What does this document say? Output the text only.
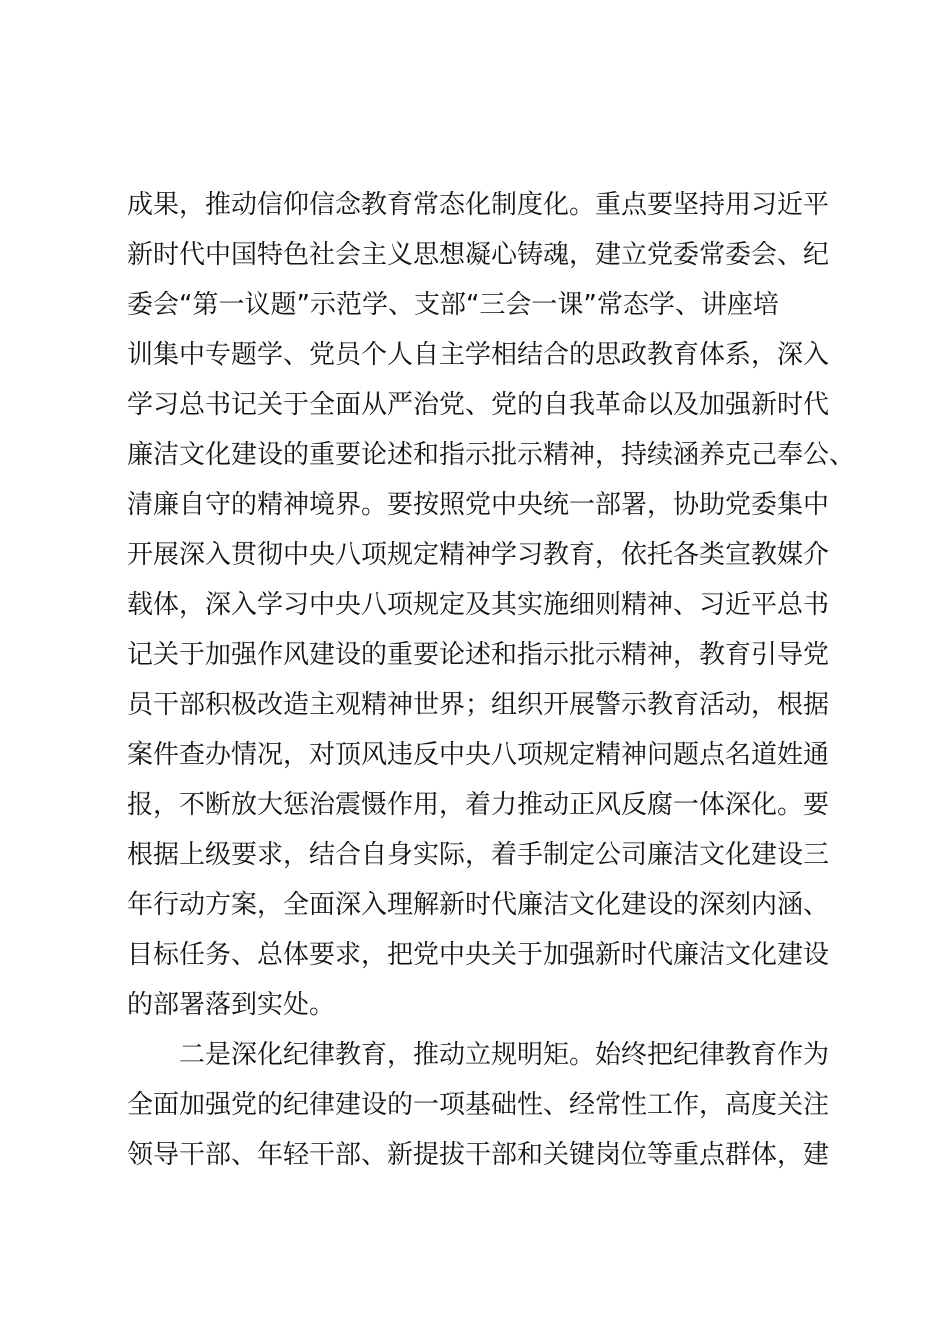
成果，推动信仰信念教育常态化制度化。重点要坚持用习近平
新时代中国特色社会主义思想凝心铸魂，建立党委常委会、纪
委会“第一议题”示范学、支部“三会一课”常态学、讲座培
训集中专题学、党员个人自主学相结合的思政教育体系，深入
学习总书记关于全面从严治党、党的自我革命以及加强新时代
廉洁文化建设的重要论述和指示批示精神，持续涵养克己奉公、
清廉自守的精神境界。要按照党中央统一部署，协助党委集中
开展深入贯彻中央八项规定精神学习教育，依托各类宣教媒介
载体，深入学习中央八项规定及其实施细则精神、习近平总书
记关于加强作风建设的重要论述和指示批示精神，教育引导党
员干部积极改造主观精神世界；组织开展警示教育活动，根据
案件查办情况，对顶风违反中央八项规定精神问题点名道姓通
报，不断放大惩治震慑作用，着力推动正风反腐一体深化。要
根据上级要求，结合自身实际，着手制定公司廉洁文化建设三
年行动方案，全面深入理解新时代廉洁文化建设的深刻内涵、
目标任务、总体要求，把党中央关于加强新时代廉洁文化建设
的部署落到实处。
　　二是深化纪律教育，推动立规明矩。始终把纪律教育作为
全面加强党的纪律建设的一项基础性、经常性工作，高度关注
领导干部、年轻干部、新提拔干部和关键岗位等重点群体，建
